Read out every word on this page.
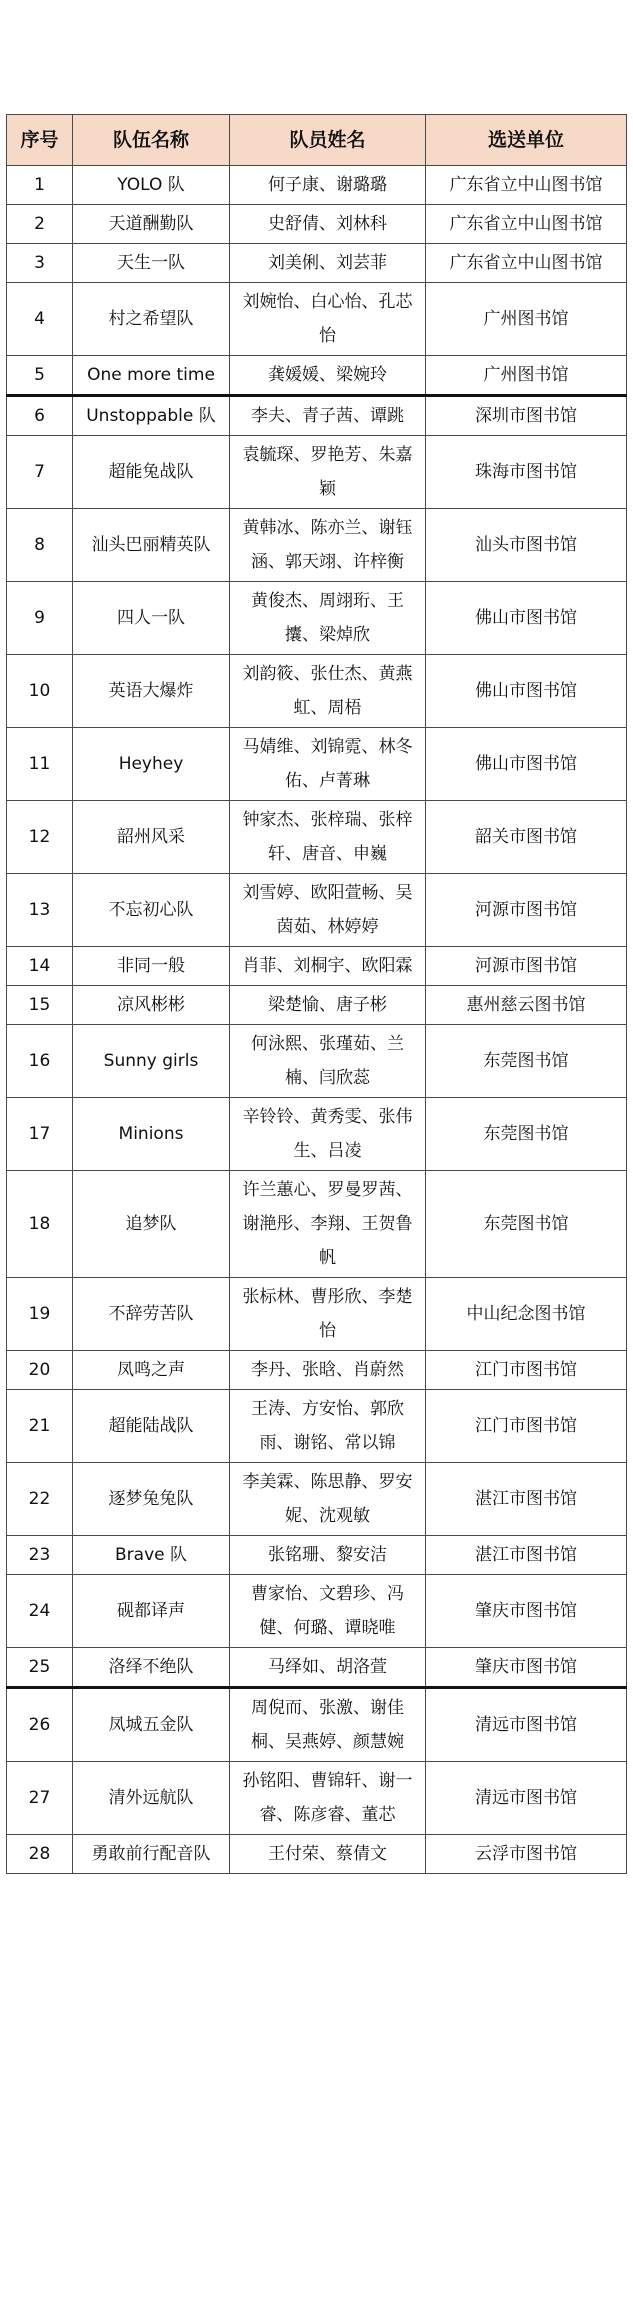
序号	队伍名称	队员姓名	选送单位
1	YOLO 队	何子康、谢璐璐	广东省立中山图书馆
2	天道酬勤队	史舒倩、刘林科	广东省立中山图书馆
3	天生一队	刘美俐、刘芸菲	广东省立中山图书馆
4	村之希望队	刘婉怡、白心怡、孔芯怡	广州图书馆
5	One more time	龚媛媛、梁婉玲	广州图书馆
6	Unstoppable 队	李夫、青子茜、谭跳	深圳市图书馆
7	超能兔战队	袁毓琛、罗艳芳、朱嘉颖	珠海市图书馆
8	汕头巴丽精英队	黄韩冰、陈亦兰、谢钰涵、郭天翊、许梓衡	汕头市图书馆
9	四人一队	黄俊杰、周翊珩、王攮、梁焯欣	佛山市图书馆
10	英语大爆炸	刘韵筱、张仕杰、黄燕虹、周梧	佛山市图书馆
11	Heyhey	马婧维、刘锦霓、林冬佑、卢菁琳	佛山市图书馆
12	韶州风采	钟家杰、张梓瑞、张梓轩、唐音、申巍	韶关市图书馆
13	不忘初心队	刘雪婷、欧阳萱畅、吴茵茹、林婷婷	河源市图书馆
14	非同一般	肖菲、刘桐宇、欧阳霖	河源市图书馆
15	凉风彬彬	梁楚愉、唐子彬	惠州慈云图书馆
16	Sunny girls	何泳熙、张瑾茹、兰楠、闫欣蕊	东莞图书馆
17	Minions	辛铃铃、黄秀雯、张伟生、吕凌	东莞图书馆
18	追梦队	许兰蕙心、罗曼罗茜、谢滟彤、李翔、王贺鲁帆	东莞图书馆
19	不辞劳苦队	张标林、曹彤欣、李楚怡	中山纪念图书馆
20	凤鸣之声	李丹、张晗、肖蔚然	江门市图书馆
21	超能陆战队	王涛、方安怡、郭欣雨、谢铭、常以锦	江门市图书馆
22	逐梦兔兔队	李美霖、陈思静、罗安妮、沈观敏	湛江市图书馆
23	Brave 队	张铭珊、黎安洁	湛江市图书馆
24	砚都译声	曹家怡、文碧珍、冯健、何璐、谭晓唯	肇庆市图书馆
25	洛绎不绝队	马绎如、胡洛萱	肇庆市图书馆
26	凤城五金队	周倪而、张激、谢佳桐、吴燕婷、颜慧婉	清远市图书馆
27	清外远航队	孙铭阳、曹锦轩、谢一睿、陈彦睿、董芯	清远市图书馆
28	勇敢前行配音队	王付荣、蔡倩文	云浮市图书馆
